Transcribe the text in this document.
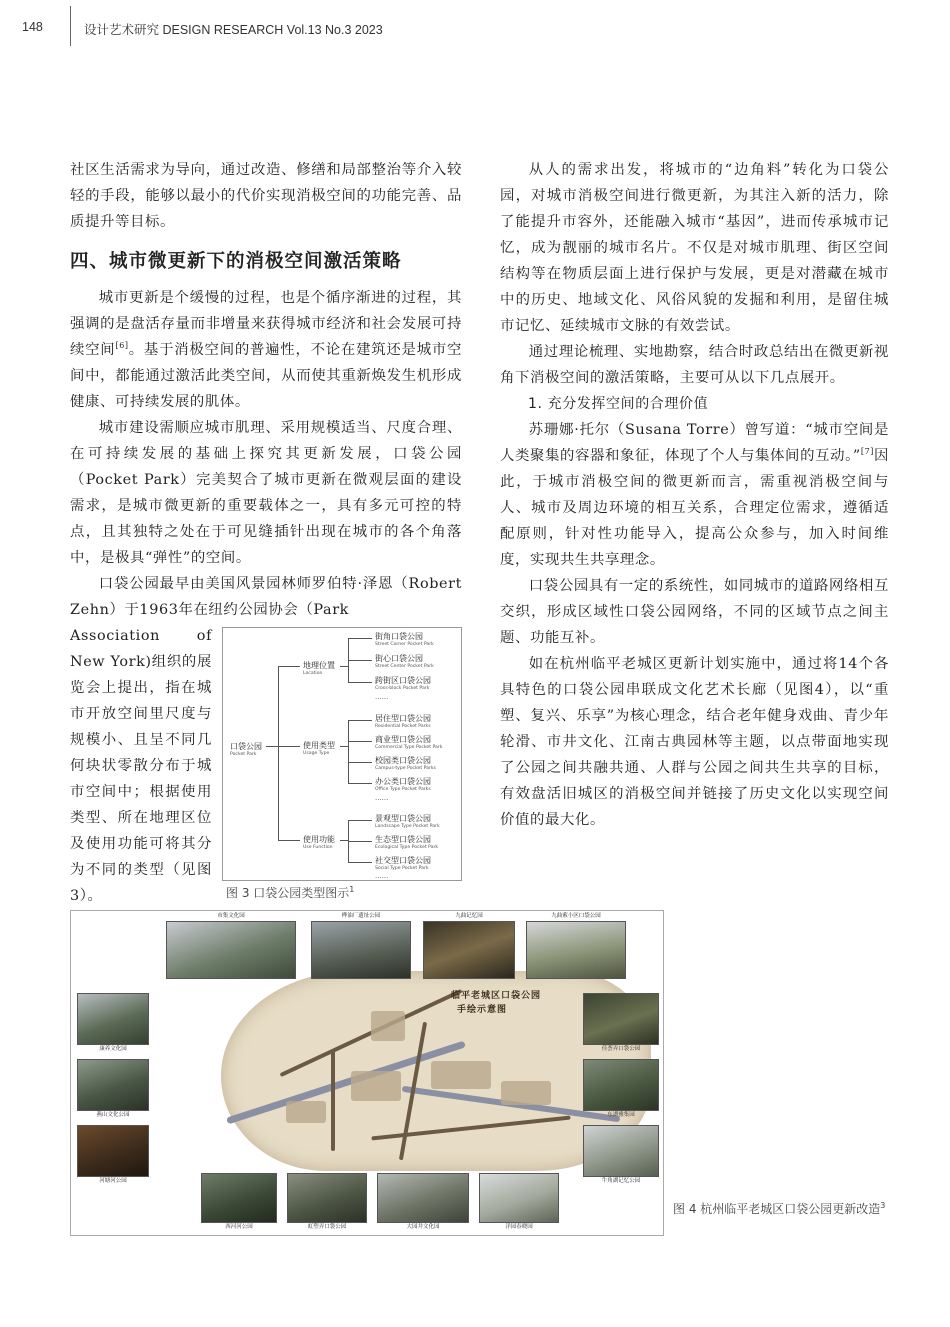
148	设计艺术研究 DESIGN RESEARCH Vol.13 No.3 2023

社区生活需求为导向，通过改造、修缮和局部整治等介入较轻的手段，能够以最小的代价实现消极空间的功能完善、品质提升等目标。

四、城市微更新下的消极空间激活策略

城市更新是个缓慢的过程，也是个循序渐进的过程，其强调的是盘活存量而非增量来获得城市经济和社会发展可持续空间[6]。基于消极空间的普遍性，不论在建筑还是城市空间中，都能通过激活此类空间，从而使其重新焕发生机形成健康、可持续发展的肌体。

城市建设需顺应城市肌理、采用规模适当、尺度合理、在可持续发展的基础上探究其更新发展，口袋公园（Pocket Park）完美契合了城市更新在微观层面的建设需求，是城市微更新的重要载体之一，具有多元可控的特点，且其独特之处在于可见缝插针出现在城市的各个角落中，是极具“弹性”的空间。

口袋公园最早由美国风景园林师罗伯特·泽恩（Robert Zehn）于1963年在纽约公园协会（Park

Association of New York)组织的展览会上提出，指在城市开放空间里尺度与规模小、且呈不同几何块状零散分布于城市空间中；根据使用类型、所在地理区位及使用功能可将其分为不同的类型（见图3）。

口袋公园
Pocket Park
地理位置
Location
街角口袋公园
Street Corner Pocket Park
街心口袋公园
Street Center Pocket Park
跨街区口袋公园
Cross-block Pocket Park
......
使用类型
Usage Type
居住型口袋公园
Residential Pocket Parks
商业型口袋公园
Commercial Type Pocket Park
校园类口袋公园
Campus-type Pocket Parks
办公类口袋公园
Office Type Pocket Parks
......
使用功能
Use Function
景观型口袋公园
Landscape Type Pocket Park
生态型口袋公园
Ecological Type Pocket Park
社交型口袋公园
Social Type Pocket Park
......
图 3 口袋公园类型图示$^1$

从人的需求出发，将城市的“边角料”转化为口袋公园，对城市消极空间进行微更新，为其注入新的活力，除了能提升市容外，还能融入城市“基因”，进而传承城市记忆，成为靓丽的城市名片。不仅是对城市肌理、街区空间结构等在物质层面上进行保护与发展，更是对潜藏在城市中的历史、地域文化、风俗风貌的发掘和利用，是留住城市记忆、延续城市文脉的有效尝试。

通过理论梳理、实地勘察，结合时政总结出在微更新视角下消极空间的激活策略，主要可从以下几点展开。

1. 充分发挥空间的合理价值

苏珊娜·托尔（Susana Torre）曾写道：“城市空间是人类聚集的容器和象征，体现了个人与集体间的互动。”[7]因此，于城市消极空间的微更新而言，需重视消极空间与人、城市及周边环境的相互关系，合理定位需求，遵循适配原则，针对性功能导入，提高公众参与，加入时间维度，实现共生共享理念。

口袋公园具有一定的系统性，如同城市的道路网络相互交织，形成区域性口袋公园网络，不同的区域节点之间主题、功能互补。

如在杭州临平老城区更新计划实施中，通过将14个各具特色的口袋公园串联成文化艺术长廊（见图4），以“重塑、复兴、乐享”为核心理念，结合老年健身戏曲、青少年轮滑、市井文化、江南古典园林等主题，以点带面地实现了公园之间共融共通、人群与公园之间共生共享的目标，有效盘活旧城区的消极空间并链接了历史文化以实现空间价值的最大化。

临平老城区口袋公园
手绘示意图
市集文化园	桦油厂遗址公园	九曲记忆园	九曲萦小区口袋公园
康养文化园
燕山文化公园
河塘河公园
佳荟弄口袋公园
东湖雅集园
牛角湖记忆公园
西河河公园	虹塑弄口袋公园	大园井文化园	洋园春晓园
图 4 杭州临平老城区口袋公园更新改造$^3$
